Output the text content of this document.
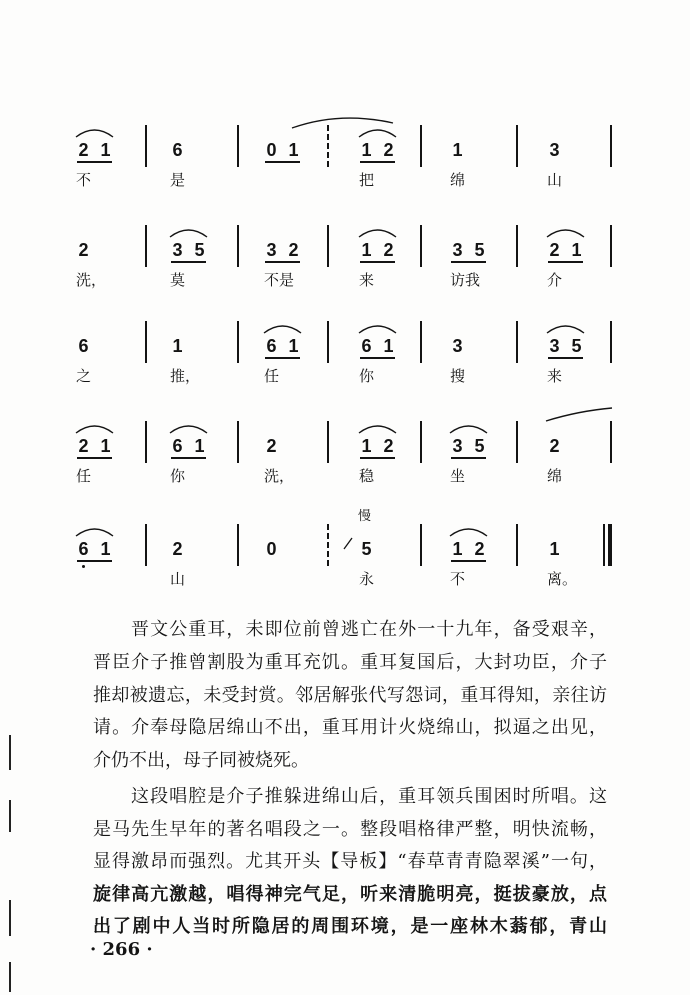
2 1
不
6
是
0 1	1 2
把
1
绵
3
山
2
洗，
3 5
莫
3 2
不是
1 2
来
3 5
访我
2 1
介
6
之
1
推，
6 1
任
6 1
你
3
搜
3 5
来
2 1
任
6 1
你
2
洗，
1 2
稳
3 5
坐
2
绵
6 1	2
山
0	5
永
慢
1 2
不
1
离。
晋文公重耳，未即位前曾逃亡在外一十九年，备受艰辛，
晋臣介子推曾割股为重耳充饥。重耳复国后，大封功臣，介子
推却被遗忘，未受封赏。邻居解张代写怨词，重耳得知，亲往访
请。介奉母隐居绵山不出，重耳用计火烧绵山，拟逼之出见，
介仍不出，母子同被烧死。
这段唱腔是介子推躲进绵山后，重耳领兵围困时所唱。这
是马先生早年的著名唱段之一。整段唱格律严整，明快流畅，
显得激昂而强烈。尤其开头【导板】“春草青青隐翠溪”一句，
旋律高亢激越，唱得神完气足，听来清脆明亮，挺拔豪放，点
出了剧中人当时所隐居的周围环境，是一座林木蓊郁，青山
· 266 ·
